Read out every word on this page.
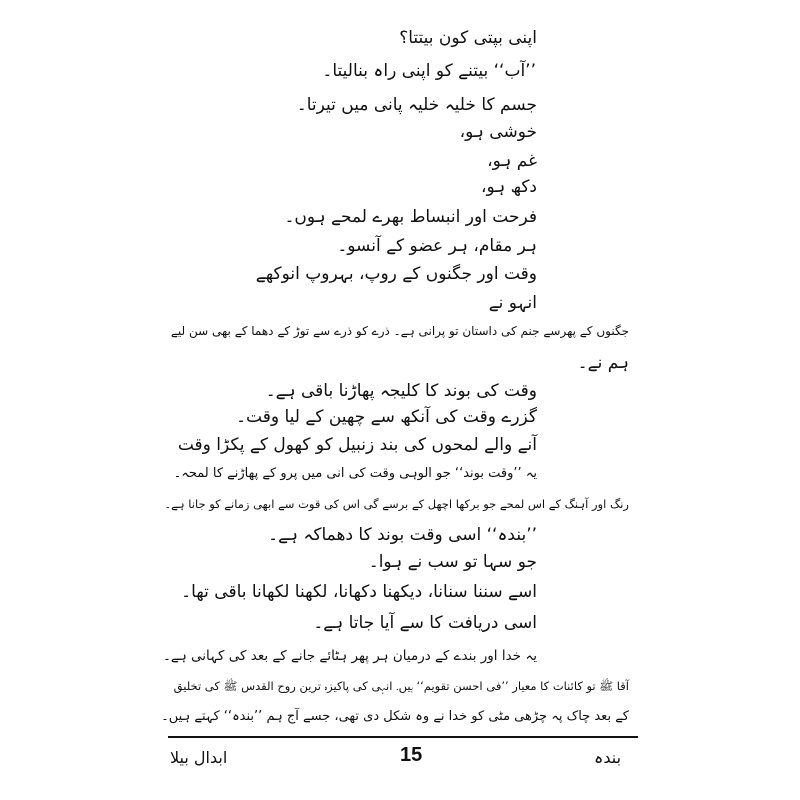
اپنی بپتی کون بیتتا؟
’’آب‘‘ بیتنے کو اپنی راہ بنالیتا۔
جسم کا خلیہ خلیہ پانی میں تیرتا۔
خوشی ہو،
غم ہو،
دکھ ہو،
فرحت اور انبساط بھرے لمحے ہوں۔
ہر مقام، ہر عضو کے آنسو۔
وقت اور جگنوں کے روپ، بہروپ انوکھے
انہو نے
جگنوں کے پھرسے جنم کی داستان تو پرانی ہے۔ ذرے کو ذرے سے توڑ کے دھما کے بھی سن لیے
ہم نے۔
وقت کی بوند کا کلیجہ پھاڑنا باقی ہے۔
گزرے وقت کی آنکھ سے چھین کے لیا وقت۔
آنے والے لمحوں کی بند زنبیل کو کھول کے پکڑا وقت
یہ ’’وقت بوند‘‘ جو الوہی وقت کی انی میں پرو کے پھاڑنے کا لمحہ۔
رنگ اور آہنگ کے اس لمحے جو برکھا اچھل کے برسے گی اس کی قوت سے ابھی زمانے کو جانا ہے۔
’’بندہ‘‘ اسی وقت بوند کا دھماکہ ہے۔
جو سہا تو سب نے ہوا۔
اسے سننا سنانا، دیکھنا دکھانا، لکھنا لکھانا باقی تھا۔
اسی دریافت کا سے آیا جاتا ہے۔
یہ خدا اور بندے کے درمیان ہر پھر ہٹائے جانے کے بعد کی کہانی ہے۔
آقا ﷺ تو کائنات کا معیار ’’فی احسن تقویم‘‘ ہیں۔ انہی کی پاکیزہ ترین روح القدس ﷺ کی تخلیق
کے بعد چاک پہ چڑھی مٹی کو خدا نے وہ شکل دی تھی، جسے آج ہم ’’بندہ‘‘ کہتے ہیں۔
بندہ
15
ابدال بیلا
